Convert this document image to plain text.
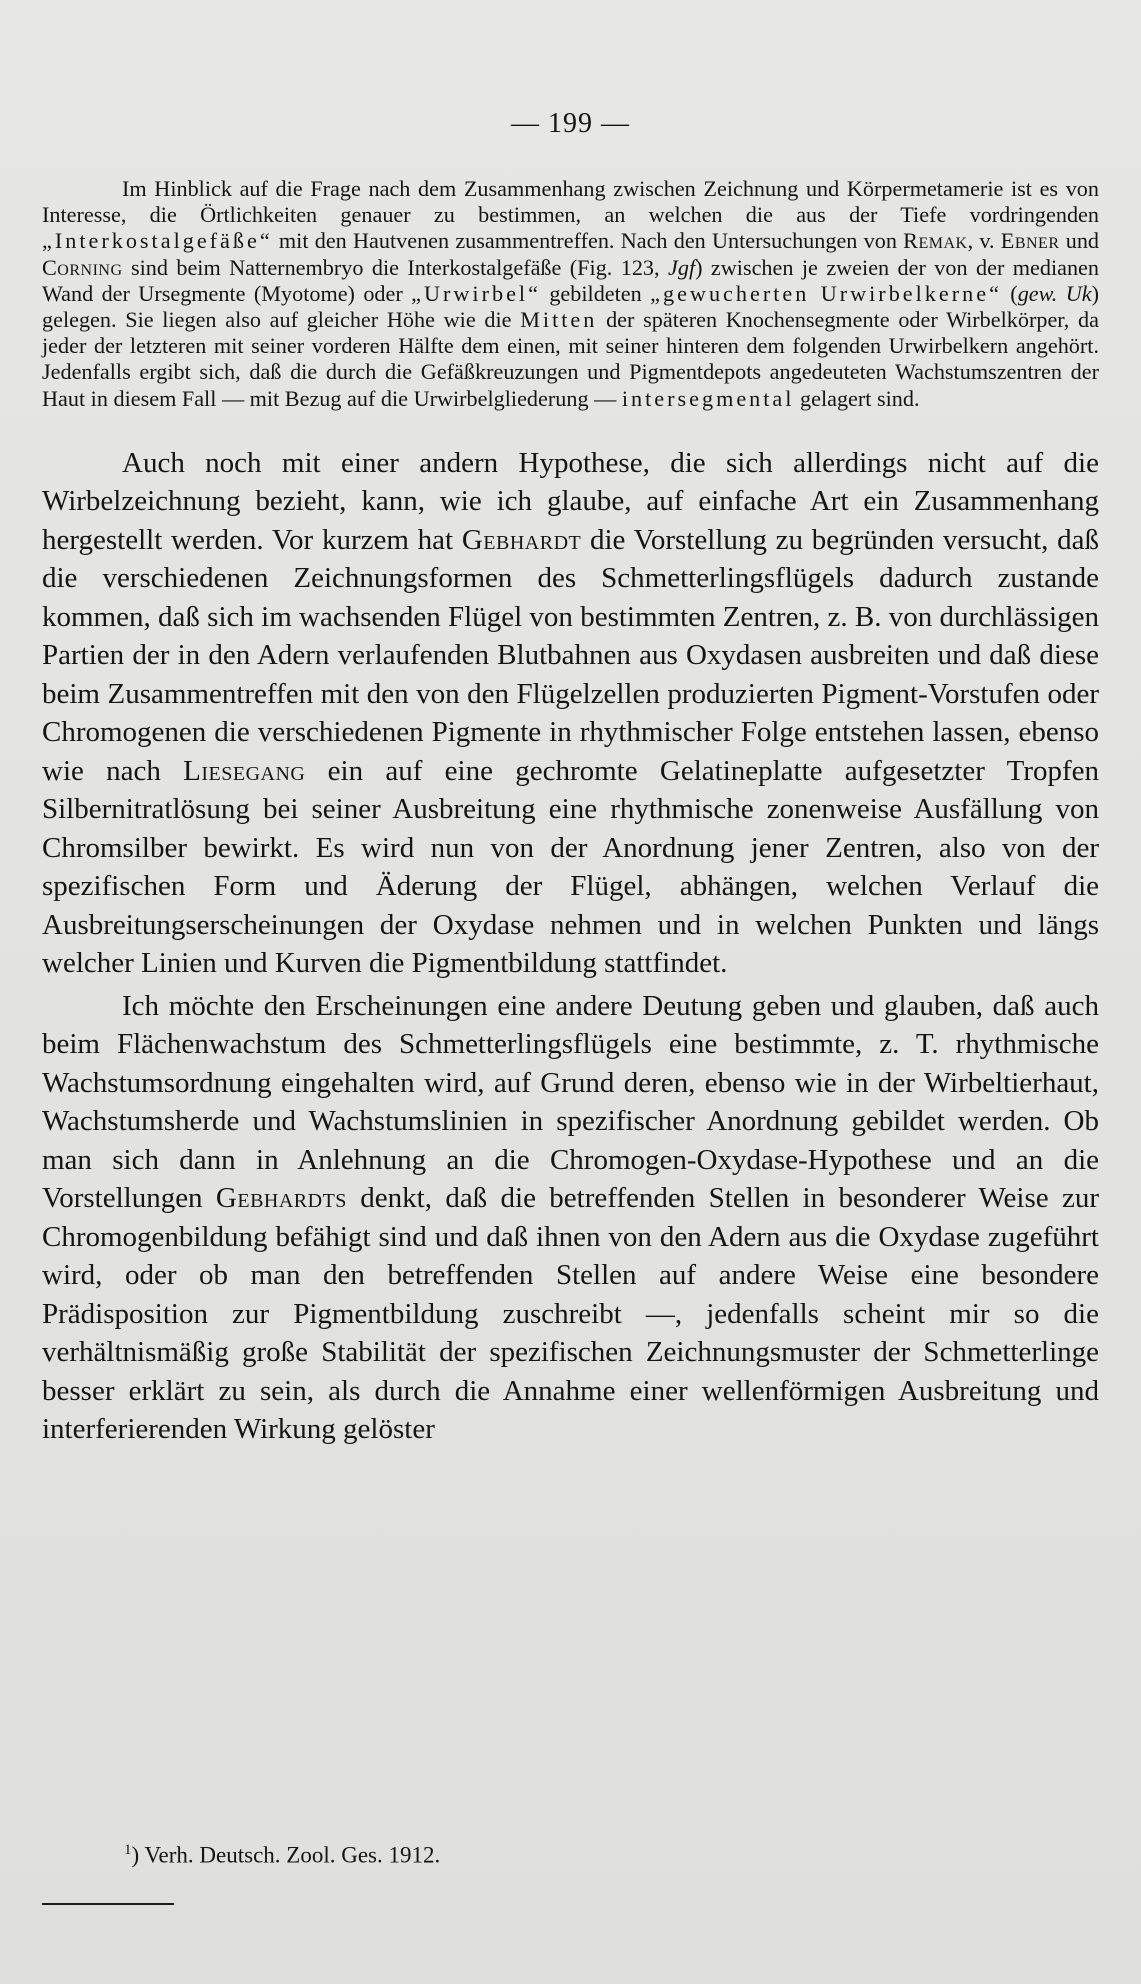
— 199 —

Im Hinblick auf die Frage nach dem Zusammenhang zwischen Zeichnung und Körpermetamerie ist es von Interesse, die Örtlichkeiten genauer zu bestimmen, an welchen die aus der Tiefe vordringenden „Interkostalgefäße“ mit den Hautvenen zusammentreffen. Nach den Untersuchungen von Remak, v. Ebner und Corning sind beim Natternembryo die Interkostalgefäße (Fig. 123, Jgf) zwischen je zweien der von der medianen Wand der Ursegmente (Myotome) oder „Urwirbel“ gebildeten „gewucherten Urwirbelkerne“ (gew. Uk) gelegen. Sie liegen also auf gleicher Höhe wie die Mitten der späteren Knochensegmente oder Wirbelkörper, da jeder der letzteren mit seiner vorderen Hälfte dem einen, mit seiner hinteren dem folgenden Urwirbelkern angehört. Jedenfalls ergibt sich, daß die durch die Gefäßkreuzungen und Pigmentdepots angedeuteten Wachstumszentren der Haut in diesem Fall — mit Bezug auf die Urwirbelgliederung — intersegmental gelagert sind.

Auch noch mit einer andern Hypothese, die sich allerdings nicht auf die Wirbelzeichnung bezieht, kann, wie ich glaube, auf einfache Art ein Zusammenhang hergestellt werden. Vor kurzem hat Gebhardt die Vorstellung zu begründen versucht, daß die verschiedenen Zeichnungsformen des Schmetterlingsflügels dadurch zustande kommen, daß sich im wachsenden Flügel von bestimmten Zentren, z. B. von durchlässigen Partien der in den Adern verlaufenden Blutbahnen aus Oxydasen ausbreiten und daß diese beim Zusammentreffen mit den von den Flügelzellen produzierten Pigment-Vorstufen oder Chromogenen die verschiedenen Pigmente in rhythmischer Folge entstehen lassen, ebenso wie nach Liesegang ein auf eine gechromte Gelatineplatte aufgesetzter Tropfen Silbernitratlösung bei seiner Ausbreitung eine rhythmische zonenweise Ausfällung von Chromsilber bewirkt. Es wird nun von der Anordnung jener Zentren, also von der spezifischen Form und Äderung der Flügel, abhängen, welchen Verlauf die Ausbreitungserscheinungen der Oxydase nehmen und in welchen Punkten und längs welcher Linien und Kurven die Pigmentbildung stattfindet.

Ich möchte den Erscheinungen eine andere Deutung geben und glauben, daß auch beim Flächenwachstum des Schmetterlingsflügels eine bestimmte, z. T. rhythmische Wachstumsordnung eingehalten wird, auf Grund deren, ebenso wie in der Wirbeltierhaut, Wachstumsherde und Wachstumslinien in spezifischer Anordnung gebildet werden. Ob man sich dann in Anlehnung an die Chromogen-Oxydase-Hypothese und an die Vorstellungen Gebhardts denkt, daß die betreffenden Stellen in besonderer Weise zur Chromogenbildung befähigt sind und daß ihnen von den Adern aus die Oxydase zugeführt wird, oder ob man den betreffenden Stellen auf andere Weise eine besondere Prädisposition zur Pigmentbildung zuschreibt —, jedenfalls scheint mir so die verhältnismäßig große Stabilität der spezifischen Zeichnungsmuster der Schmetterlinge besser erklärt zu sein, als durch die Annahme einer wellenförmigen Ausbreitung und interferierenden Wirkung gelöster

$^1$) Verh. Deutsch. Zool. Ges. 1912.
